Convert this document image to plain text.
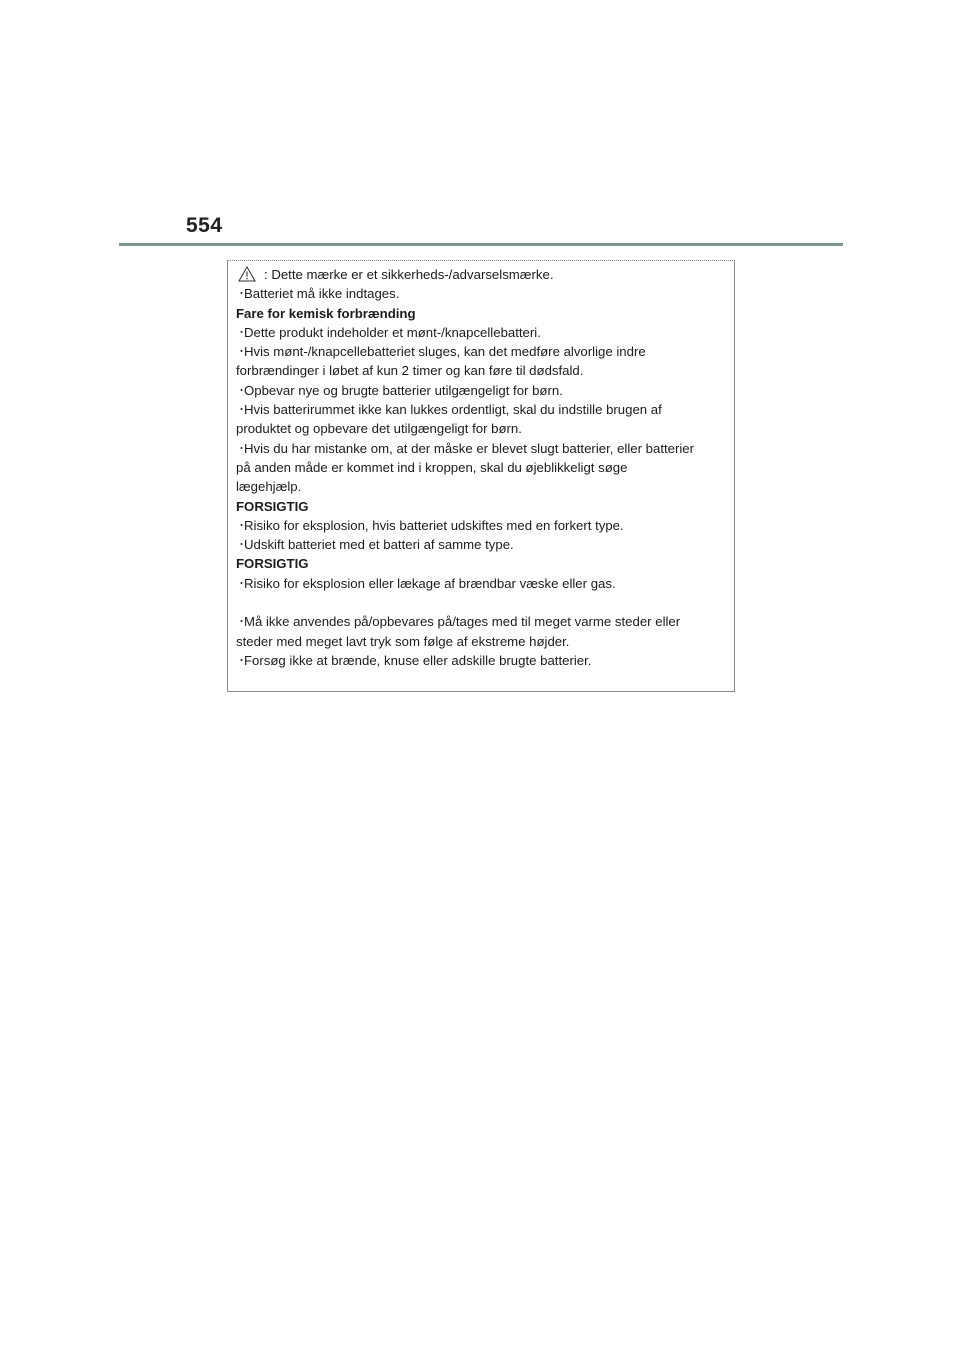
554
: Dette mærke er et sikkerheds-/advarselsmærke.
・Batteriet må ikke indtages.
Fare for kemisk forbrænding
・Dette produkt indeholder et mønt-/knapcellebatteri.
・Hvis mønt-/knapcellebatteriet sluges, kan det medføre alvorlige indre
forbrændinger i løbet af kun 2 timer og kan føre til dødsfald.
・Opbevar nye og brugte batterier utilgængeligt for børn.
・Hvis batterirummet ikke kan lukkes ordentligt, skal du indstille brugen af
produktet og opbevare det utilgængeligt for børn.
・Hvis du har mistanke om, at der måske er blevet slugt batterier, eller batterier
på anden måde er kommet ind i kroppen, skal du øjeblikkeligt søge
lægehjælp.
FORSIGTIG
・Risiko for eksplosion, hvis batteriet udskiftes med en forkert type.
・Udskift batteriet med et batteri af samme type.
FORSIGTIG
・Risiko for eksplosion eller lækage af brændbar væske eller gas.
・Må ikke anvendes på/opbevares på/tages med til meget varme steder eller
steder med meget lavt tryk som følge af ekstreme højder.
・Forsøg ikke at brænde, knuse eller adskille brugte batterier.
